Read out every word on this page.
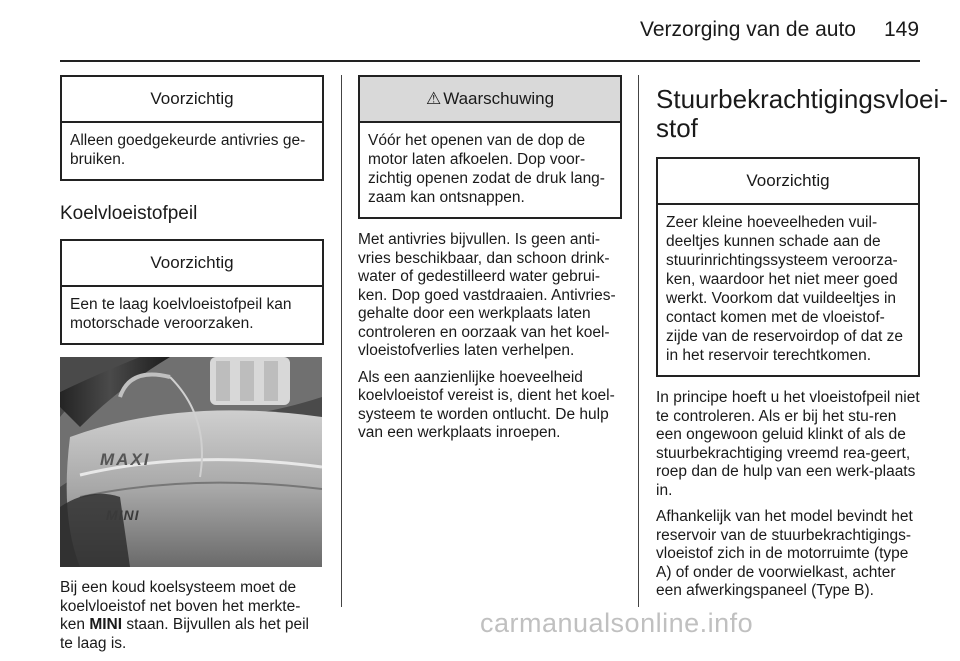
Verzorging van de auto 149
Voorzichtig
Alleen goedgekeurde antivries ge-bruiken.
Koelvloeistofpeil
Voorzichtig
Een te laag koelvloeistofpeil kan motorschade veroorzaken.
MAXI
MINI

Bij een koud koelsysteem moet de koelvloeistof net boven het merkte-ken MINI staan. Bijvullen als het peil te laag is.

⚠ Waarschuwing
Vóór het openen van de dop de motor laten afkoelen. Dop voor-zichtig openen zodat de druk lang-zaam kan ontsnappen.

Met antivries bijvullen. Is geen anti-vries beschikbaar, dan schoon drink-water of gedestilleerd water gebrui-ken. Dop goed vastdraaien. Antivries-gehalte door een werkplaats laten controleren en oorzaak van het koel-vloeistofverlies laten verhelpen.

Als een aanzienlijke hoeveelheid koelvloeistof vereist is, dient het koel-systeem te worden ontlucht. De hulp van een werkplaats inroepen.

Stuurbekrachtigingsvloei-stof
Voorzichtig
Zeer kleine hoeveelheden vuil-deeltjes kunnen schade aan de stuurinrichtingssysteem veroorza-ken, waardoor het niet meer goed werkt. Voorkom dat vuildeeltjes in contact komen met de vloeistof-zijde van de reservoirdop of dat ze in het reservoir terechtkomen.

In principe hoeft u het vloeistofpeil niet te controleren. Als er bij het stu-ren een ongewoon geluid klinkt of als de stuurbekrachtiging vreemd rea-geert, roep dan de hulp van een werk-plaats in.

Afhankelijk van het model bevindt het reservoir van de stuurbekrachtigings-vloeistof zich in de motorruimte (type A) of onder de voorwielkast, achter een afwerkingspaneel (Type B).

carmanualsonline.info
